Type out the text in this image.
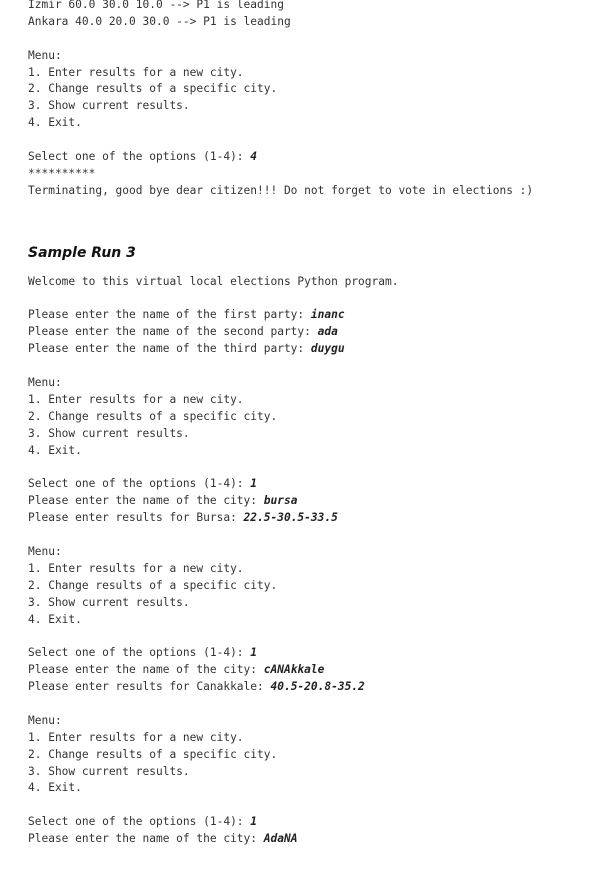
Izmir 60.0 30.0 10.0 --> P1 is leading
Ankara 40.0 20.0 30.0 --> P1 is leading
Menu:
1. Enter results for a new city.
2. Change results of a specific city.
3. Show current results.
4. Exit.
Select one of the options (1-4): 4
**********
Terminating, good bye dear citizen!!! Do not forget to vote in elections :)
Sample Run 3
Welcome to this virtual local elections Python program.
Please enter the name of the first party: inanc
Please enter the name of the second party: ada
Please enter the name of the third party: duygu
Menu:
1. Enter results for a new city.
2. Change results of a specific city.
3. Show current results.
4. Exit.
Select one of the options (1-4): 1
Please enter the name of the city: bursa
Please enter results for Bursa: 22.5-30.5-33.5
Menu:
1. Enter results for a new city.
2. Change results of a specific city.
3. Show current results.
4. Exit.
Select one of the options (1-4): 1
Please enter the name of the city: cANAkkale
Please enter results for Canakkale: 40.5-20.8-35.2
Menu:
1. Enter results for a new city.
2. Change results of a specific city.
3. Show current results.
4. Exit.
Select one of the options (1-4): 1
Please enter the name of the city: AdaNA
